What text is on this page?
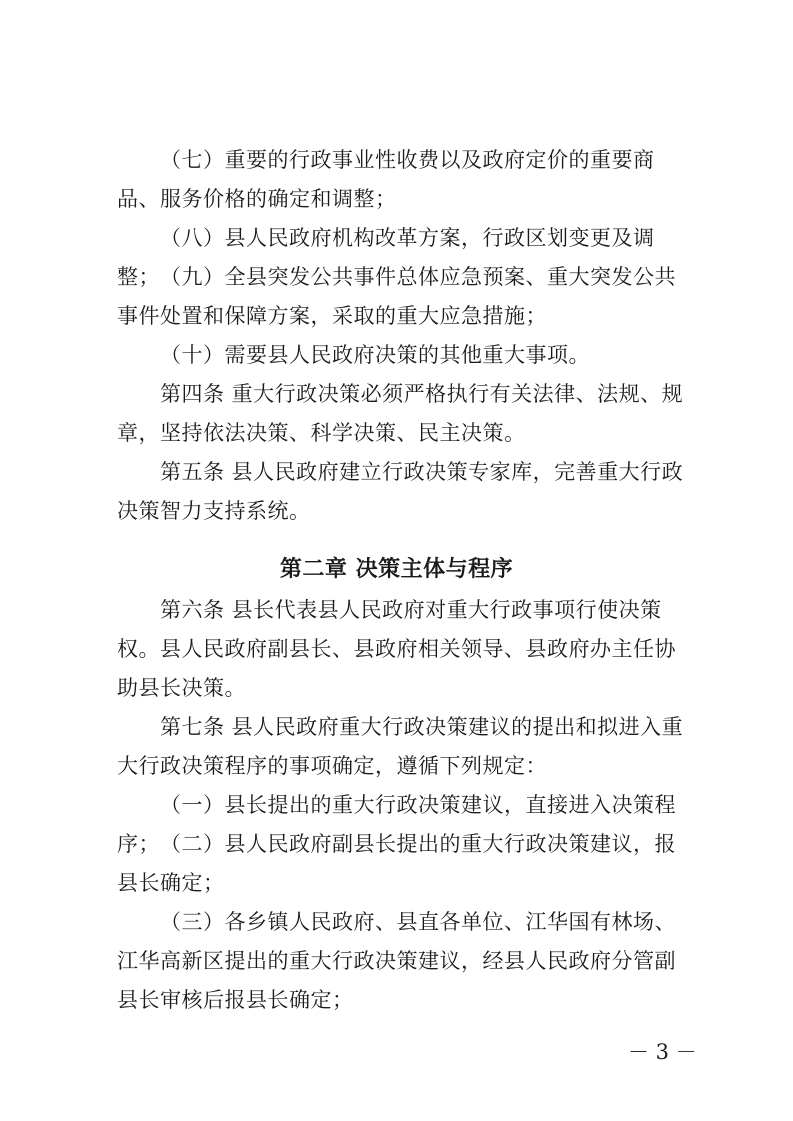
（七）重要的行政事业性收费以及政府定价的重要商品、服务价格的确定和调整；

（八）县人民政府机构改革方案，行政区划变更及调整； （九）全县突发公共事件总体应急预案、重大突发公共事件处置和保障方案，采取的重大应急措施；

（十）需要县人民政府决策的其他重大事项。

第四条 重大行政决策必须严格执行有关法律、法规、规章，坚持依法决策、科学决策、民主决策。

第五条 县人民政府建立行政决策专家库，完善重大行政决策智力支持系统。

第二章 决策主体与程序

第六条 县长代表县人民政府对重大行政事项行使决策权。县人民政府副县长、县政府相关领导、县政府办主任协助县长决策。

第七条 县人民政府重大行政决策建议的提出和拟进入重大行政决策程序的事项确定，遵循下列规定：

（一）县长提出的重大行政决策建议，直接进入决策程序； （二）县人民政府副县长提出的重大行政决策建议，报县长确定；

（三）各乡镇人民政府、县直各单位、江华国有林场、江华高新区提出的重大行政决策建议，经县人民政府分管副县长审核后报县长确定；

－ 3 －
